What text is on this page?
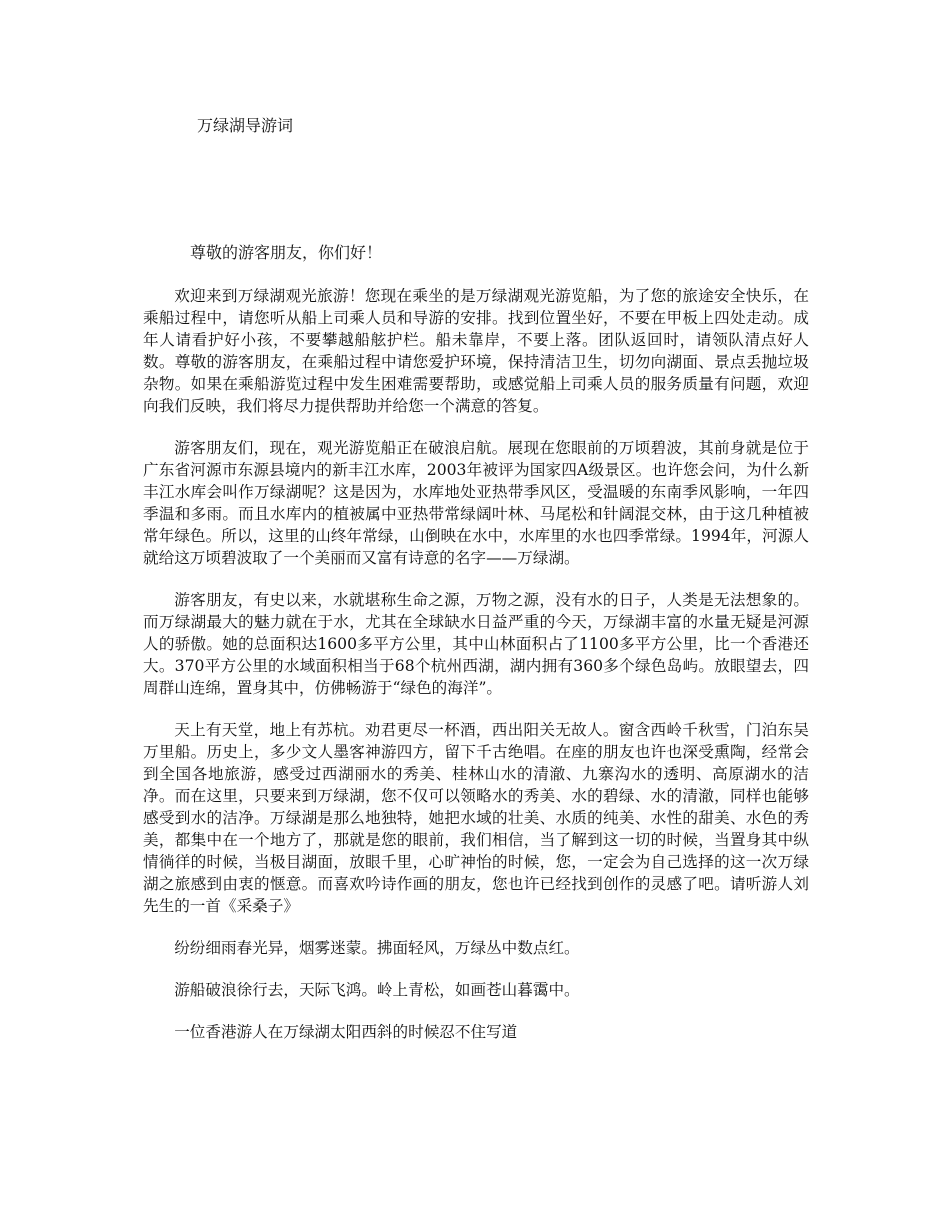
万绿湖导游词
尊敬的游客朋友，你们好！

欢迎来到万绿湖观光旅游！您现在乘坐的是万绿湖观光游览船，为了您的旅途安全快乐，在乘船过程中，请您听从船上司乘人员和导游的安排。找到位置坐好，不要在甲板上四处走动。成年人请看护好小孩，不要攀越船舷护栏。船未靠岸，不要上落。团队返回时，请领队清点好人数。尊敬的游客朋友，在乘船过程中请您爱护环境，保持清洁卫生，切勿向湖面、景点丢抛垃圾杂物。如果在乘船游览过程中发生困难需要帮助，或感觉船上司乘人员的服务质量有问题，欢迎向我们反映，我们将尽力提供帮助并给您一个满意的答复。

游客朋友们，现在，观光游览船正在破浪启航。展现在您眼前的万顷碧波，其前身就是位于广东省河源市东源县境内的新丰江水库，2003年被评为国家四A级景区。也许您会问，为什么新丰江水库会叫作万绿湖呢？这是因为，水库地处亚热带季风区，受温暖的东南季风影响，一年四季温和多雨。而且水库内的植被属中亚热带常绿阔叶林、马尾松和针阔混交林，由于这几种植被常年绿色。所以，这里的山终年常绿，山倒映在水中，水库里的水也四季常绿。1994年，河源人就给这万顷碧波取了一个美丽而又富有诗意的名字——万绿湖。

游客朋友，有史以来，水就堪称生命之源，万物之源，没有水的日子，人类是无法想象的。而万绿湖最大的魅力就在于水，尤其在全球缺水日益严重的今天，万绿湖丰富的水量无疑是河源人的骄傲。她的总面积达1600多平方公里，其中山林面积占了1100多平方公里，比一个香港还大。370平方公里的水域面积相当于68个杭州西湖，湖内拥有360多个绿色岛屿。放眼望去，四周群山连绵，置身其中，仿佛畅游于“绿色的海洋”。

天上有天堂，地上有苏杭。劝君更尽一杯酒，西出阳关无故人。窗含西岭千秋雪，门泊东吴万里船。历史上，多少文人墨客神游四方，留下千古绝唱。在座的朋友也许也深受熏陶，经常会到全国各地旅游，感受过西湖丽水的秀美、桂林山水的清澈、九寨沟水的透明、高原湖水的洁净。而在这里，只要来到万绿湖，您不仅可以领略水的秀美、水的碧绿、水的清澈，同样也能够感受到水的洁净。万绿湖是那么地独特，她把水域的壮美、水质的纯美、水性的甜美、水色的秀美，都集中在一个地方了，那就是您的眼前，我们相信，当了解到这一切的时候，当置身其中纵情徜徉的时候，当极目湖面，放眼千里，心旷神怡的时候，您，一定会为自己选择的这一次万绿湖之旅感到由衷的惬意。而喜欢吟诗作画的朋友，您也许已经找到创作的灵感了吧。请听游人刘先生的一首《采桑子》

纷纷细雨春光异，烟雾迷蒙。拂面轻风，万绿丛中数点红。

游船破浪徐行去，天际飞鸿。岭上青松，如画苍山暮霭中。

一位香港游人在万绿湖太阳西斜的时候忍不住写道
